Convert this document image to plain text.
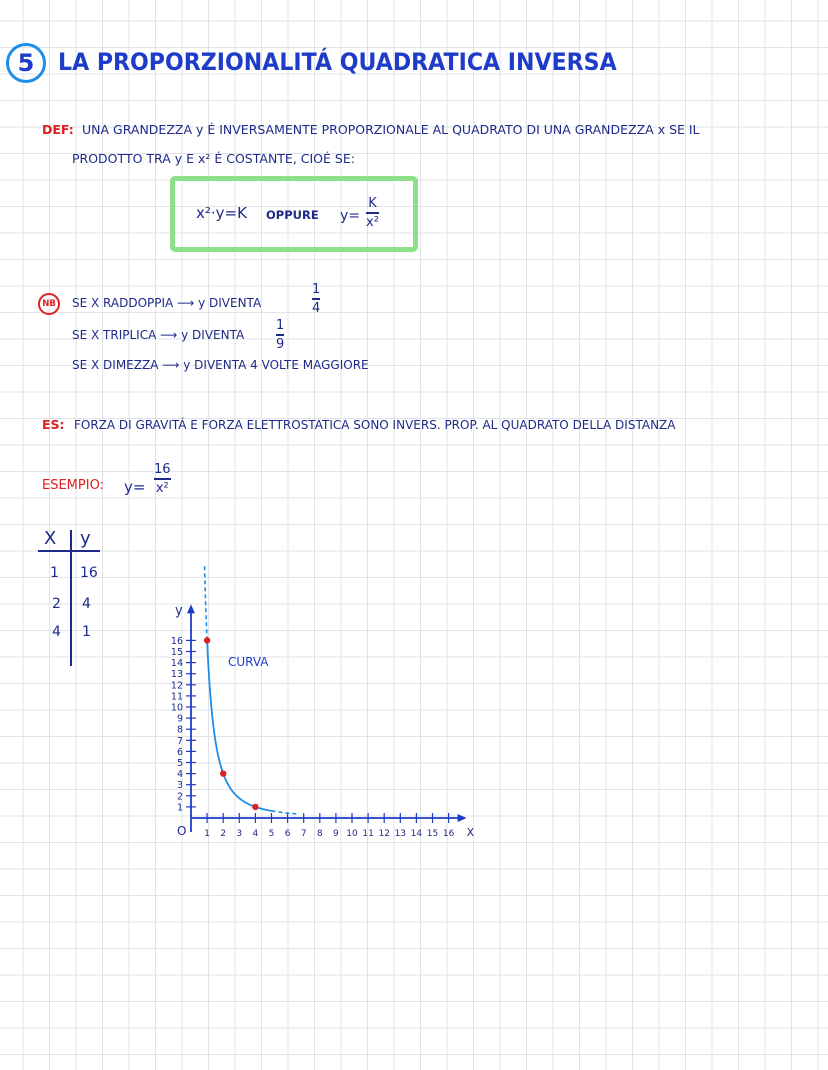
5 LA PROPORZIONALITÁ QUADRATICA INVERSA
DEF: UNA GRANDEZZA y É INVERSAMENTE PROPORZIONALE AL QUADRATO DI UNA GRANDEZZA x SE IL
PRODOTTO TRA y E x² É COSTANTE, CIOÉ SE:
x²·y=K OPPURE y=
K
x²
NB	SE X RADDOPPIA ⟶ y DIVENTA
1
4
SE X TRIPLICA ⟶ y DIVENTA
1
9
SE X DIMEZZA ⟶ y DIVENTA 4 VOLTE MAGGIORE
ES: FORZA DI GRAVITÁ E FORZA ELETTROSTATICA SONO INVERS. PROP. AL QUADRATO DELLA DISTANZA
ESEMPIO: y=
16
x²
X y
1 16
2 4
4 1
CURVA
y
X
O 1 2 3 4 5 6 7 8 9 10 11 12 13 14 15 16
1
2
3
4
5
6
7
8
9
10
11
12
13
14
15
16
